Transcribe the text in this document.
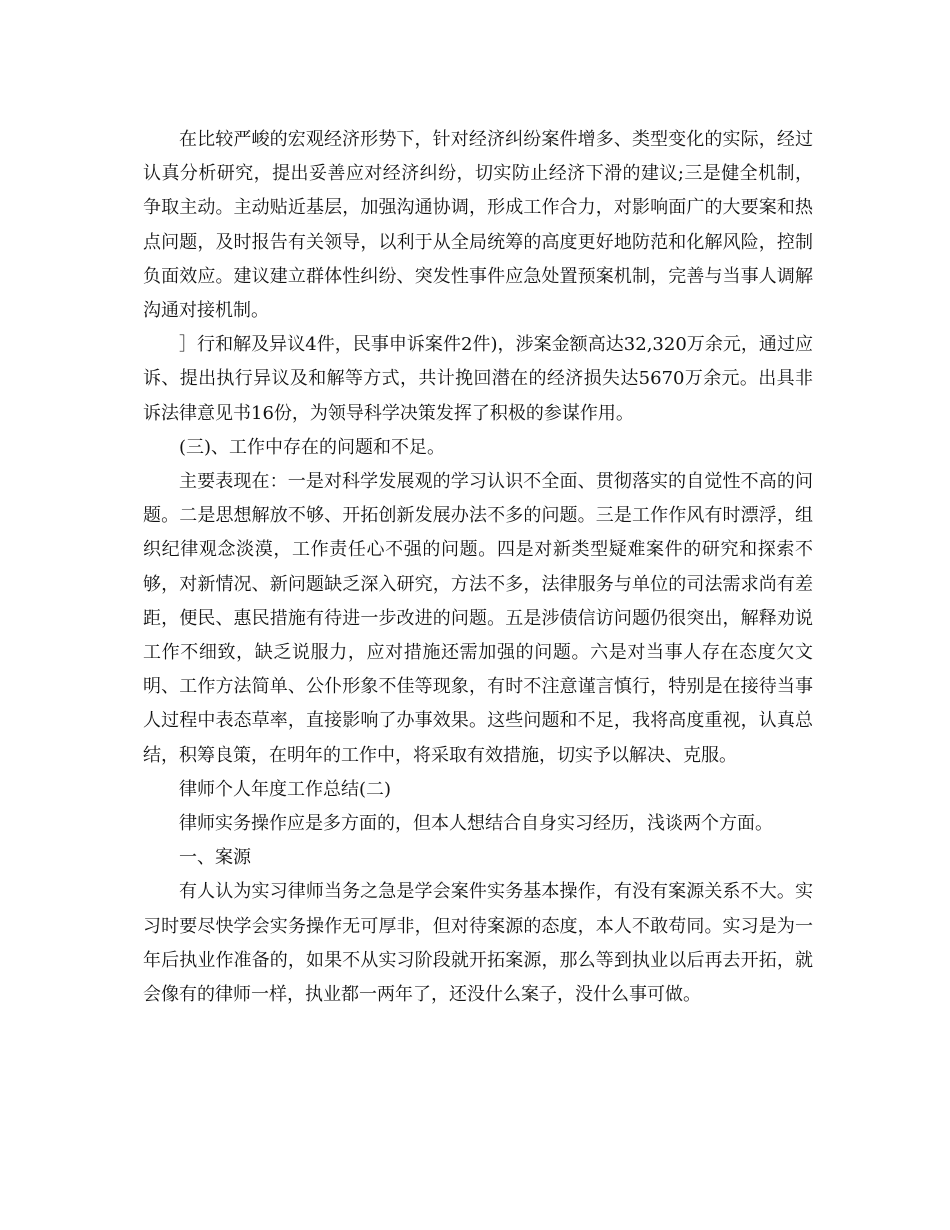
在比较严峻的宏观经济形势下，针对经济纠纷案件增多、类型变化的实际，经过认真分析研究，提出妥善应对经济纠纷，切实防止经济下滑的建议;三是健全机制，争取主动。主动贴近基层，加强沟通协调，形成工作合力，对影响面广的大要案和热点问题，及时报告有关领导，以利于从全局统筹的高度更好地防范和化解风险，控制负面效应。建议建立群体性纠纷、突发性事件应急处置预案机制，完善与当事人调解沟通对接机制。

］行和解及异议4件，民事申诉案件2件)，涉案金额高达32,320万余元，通过应诉、提出执行异议及和解等方式，共计挽回潜在的经济损失达5670万余元。出具非诉法律意见书16份，为领导科学决策发挥了积极的参谋作用。

(三)、工作中存在的问题和不足。

主要表现在：一是对科学发展观的学习认识不全面、贯彻落实的自觉性不高的问题。二是思想解放不够、开拓创新发展办法不多的问题。三是工作作风有时漂浮，组织纪律观念淡漠，工作责任心不强的问题。四是对新类型疑难案件的研究和探索不够，对新情况、新问题缺乏深入研究，方法不多，法律服务与单位的司法需求尚有差距，便民、惠民措施有待进一步改进的问题。五是涉债信访问题仍很突出，解释劝说工作不细致，缺乏说服力，应对措施还需加强的问题。六是对当事人存在态度欠文明、工作方法简单、公仆形象不佳等现象，有时不注意谨言慎行，特别是在接待当事人过程中表态草率，直接影响了办事效果。这些问题和不足，我将高度重视，认真总结，积筹良策，在明年的工作中，将采取有效措施，切实予以解决、克服。

律师个人年度工作总结(二)

律师实务操作应是多方面的，但本人想结合自身实习经历，浅谈两个方面。

一、案源

有人认为实习律师当务之急是学会案件实务基本操作，有没有案源关系不大。实习时要尽快学会实务操作无可厚非，但对待案源的态度，本人不敢苟同。实习是为一年后执业作准备的，如果不从实习阶段就开拓案源，那么等到执业以后再去开拓，就会像有的律师一样，执业都一两年了，还没什么案子，没什么事可做。
